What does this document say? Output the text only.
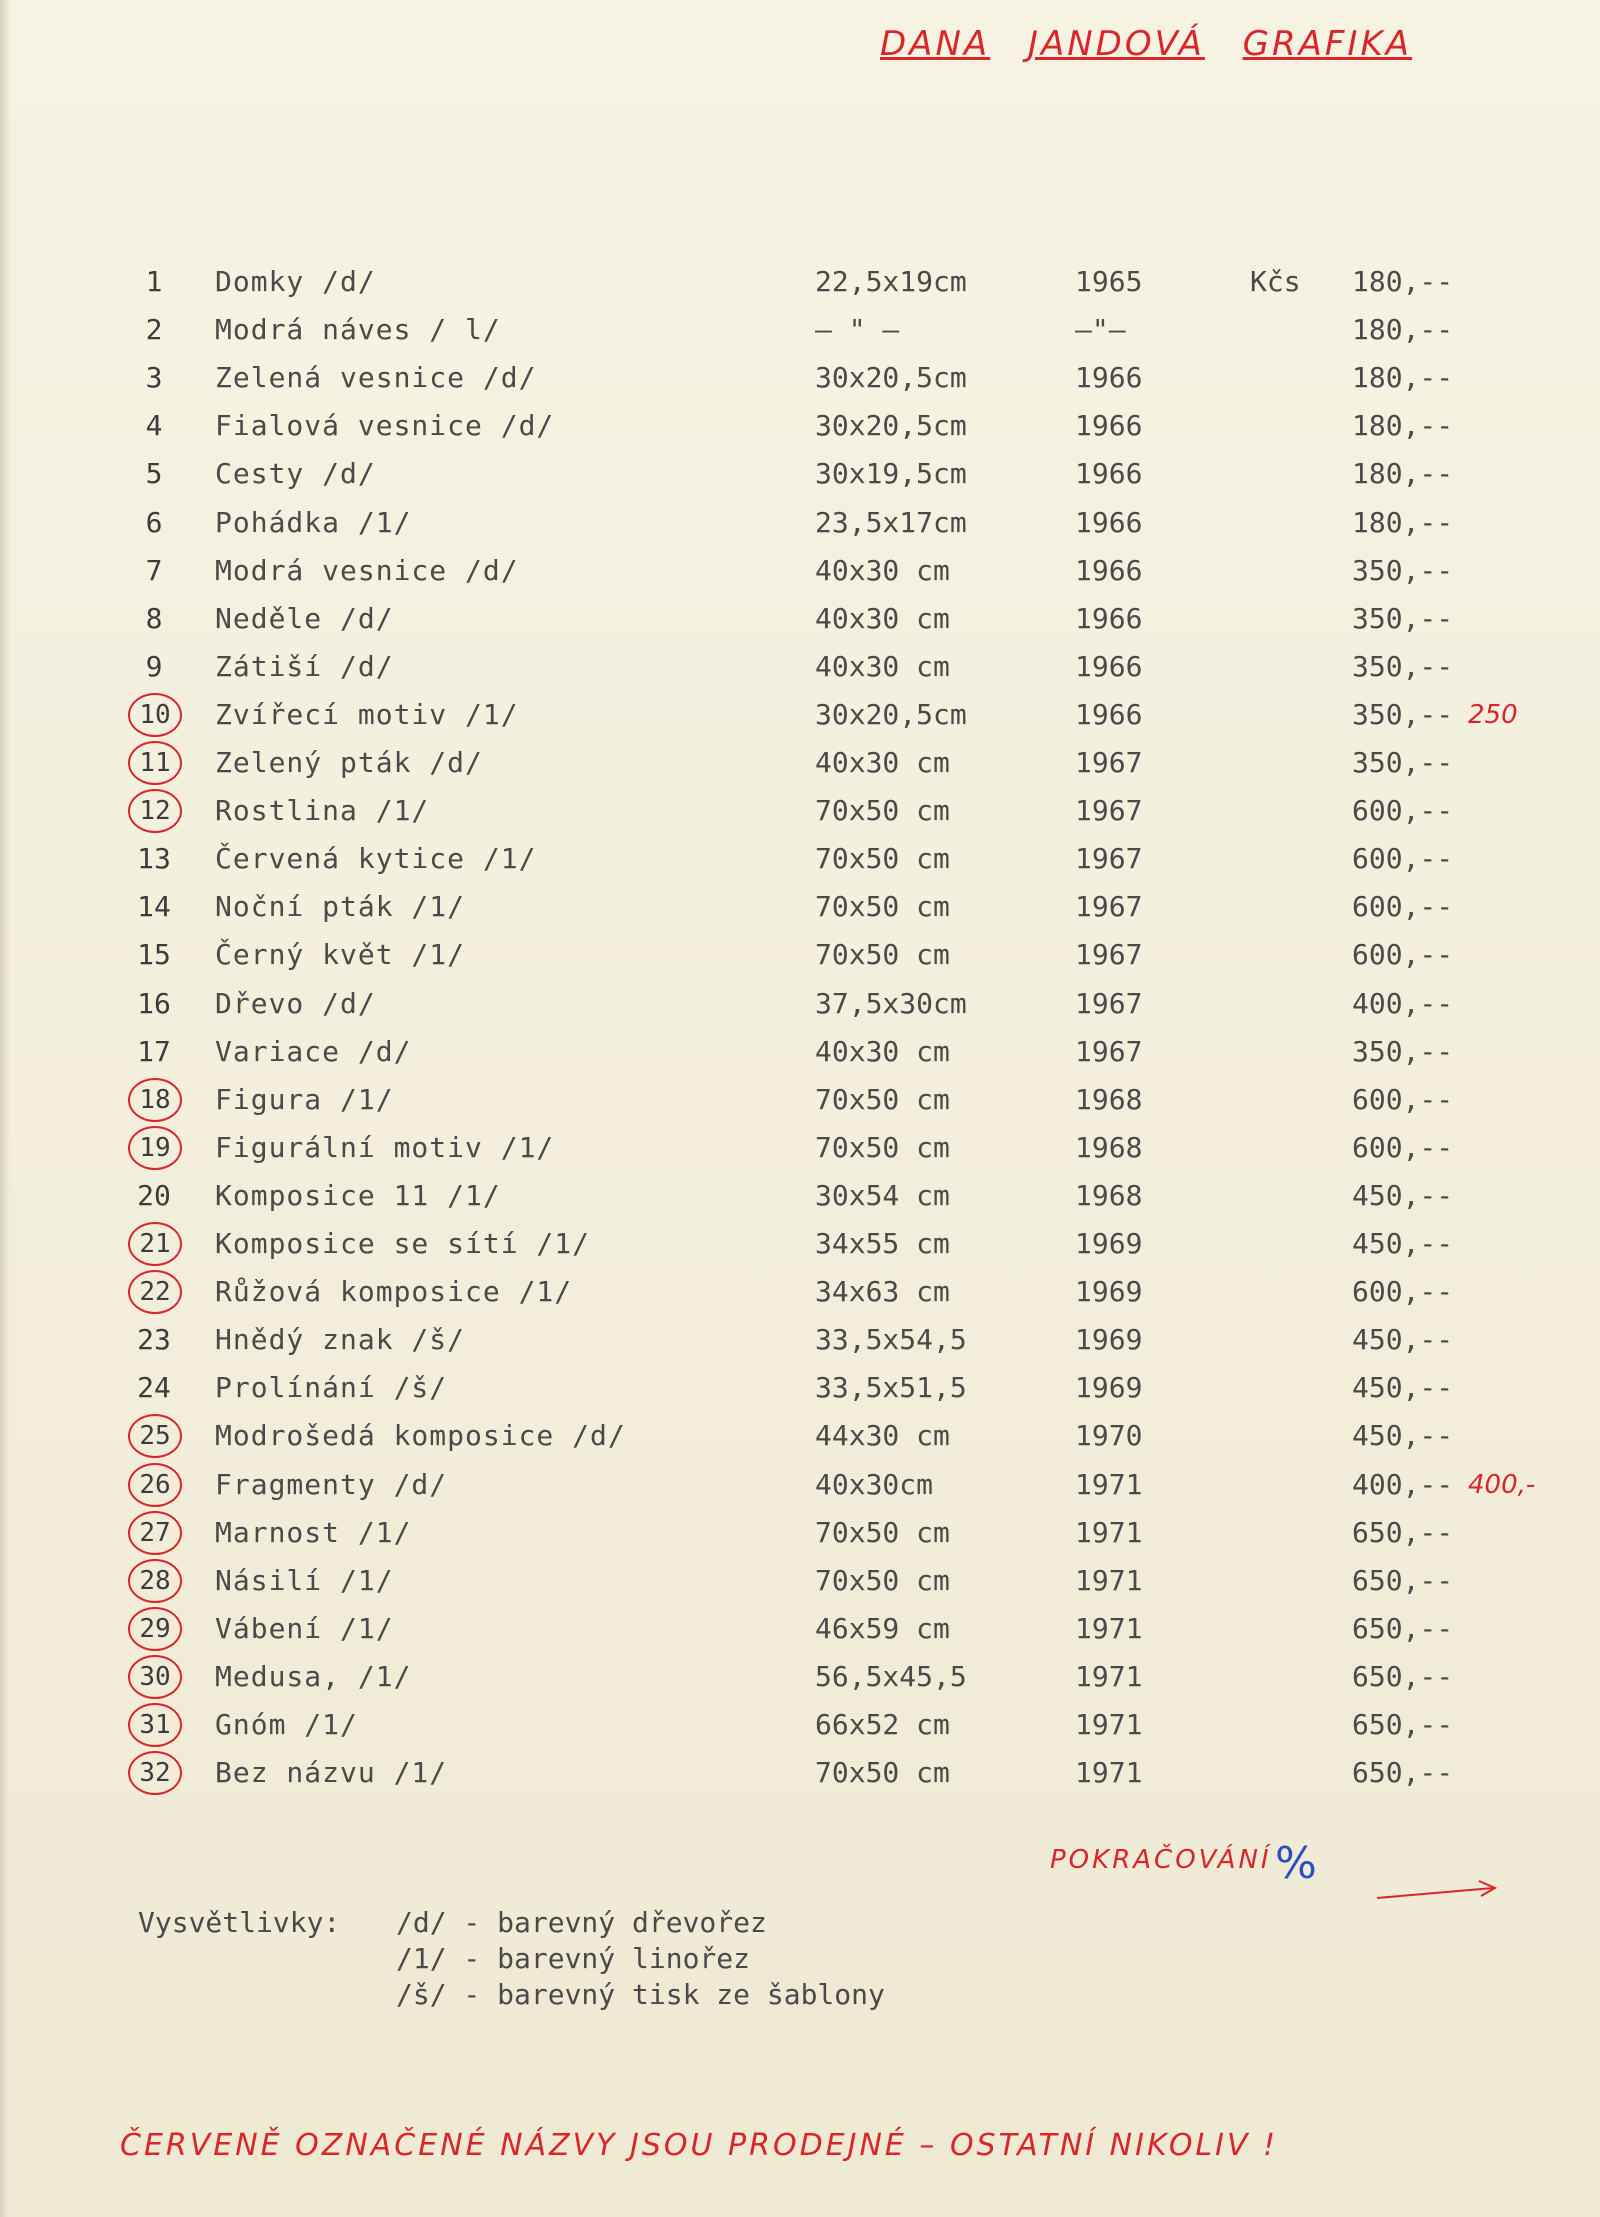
DANA JANDOVÁ GRAFIKA
1	Domky /d/	22,5x19cm	1965	Kčs 180,--
2	Modrá náves / l/	– " –	–"–	180,--
3	Zelená vesnice /d/	30x20,5cm	1966	180,--
4	Fialová vesnice /d/	30x20,5cm	1966	180,--
5	Cesty /d/	30x19,5cm	1966	180,--
6	Pohádka /1/	23,5x17cm	1966	180,--
7	Modrá vesnice /d/	40x30 cm	1966	350,--
8	Neděle /d/	40x30 cm	1966	350,--
9	Zátiší /d/	40x30 cm	1966	350,--
10	Zvířecí motiv /1/	30x20,5cm	1966	350,-- 250
11	Zelený pták /d/	40x30 cm	1967	350,--
12	Rostlina /1/	70x50 cm	1967	600,--
13	Červená kytice /1/	70x50 cm	1967	600,--
14	Noční pták /1/	70x50 cm	1967	600,--
15	Černý květ /1/	70x50 cm	1967	600,--
16	Dřevo /d/	37,5x30cm	1967	400,--
17	Variace /d/	40x30 cm	1967	350,--
18	Figura /1/	70x50 cm	1968	600,--
19	Figurální motiv /1/	70x50 cm	1968	600,--
20	Komposice 11 /1/	30x54 cm	1968	450,--
21	Komposice se sítí /1/	34x55 cm	1969	450,--
22	Růžová komposice /1/	34x63 cm	1969	600,--
23	Hnědý znak /š/	33,5x54,5	1969	450,--
24	Prolínání /š/	33,5x51,5	1969	450,--
25	Modrošedá komposice /d/	44x30 cm	1970	450,--
26	Fragmenty /d/	40x30cm	1971	400,-- 400,-
27	Marnost /1/	70x50 cm	1971	650,--
28	Násilí /1/	70x50 cm	1971	650,--
29	Vábení /1/	46x59 cm	1971	650,--
30	Medusa, /1/	56,5x45,5	1971	650,--
31	Gnóm /1/	66x52 cm	1971	650,--
32	Bez názvu /1/	70x50 cm	1971	650,--
POKRAČOVÁNÍ %

Vysvětlivky:

/d/ - barevný dřevořez

/1/ - barevný linořez

/š/ - barevný tisk ze šablony

ČERVENĚ OZNAČENÉ NÁZVY JSOU PRODEJNÉ – OSTATNÍ NIKOLIV !
